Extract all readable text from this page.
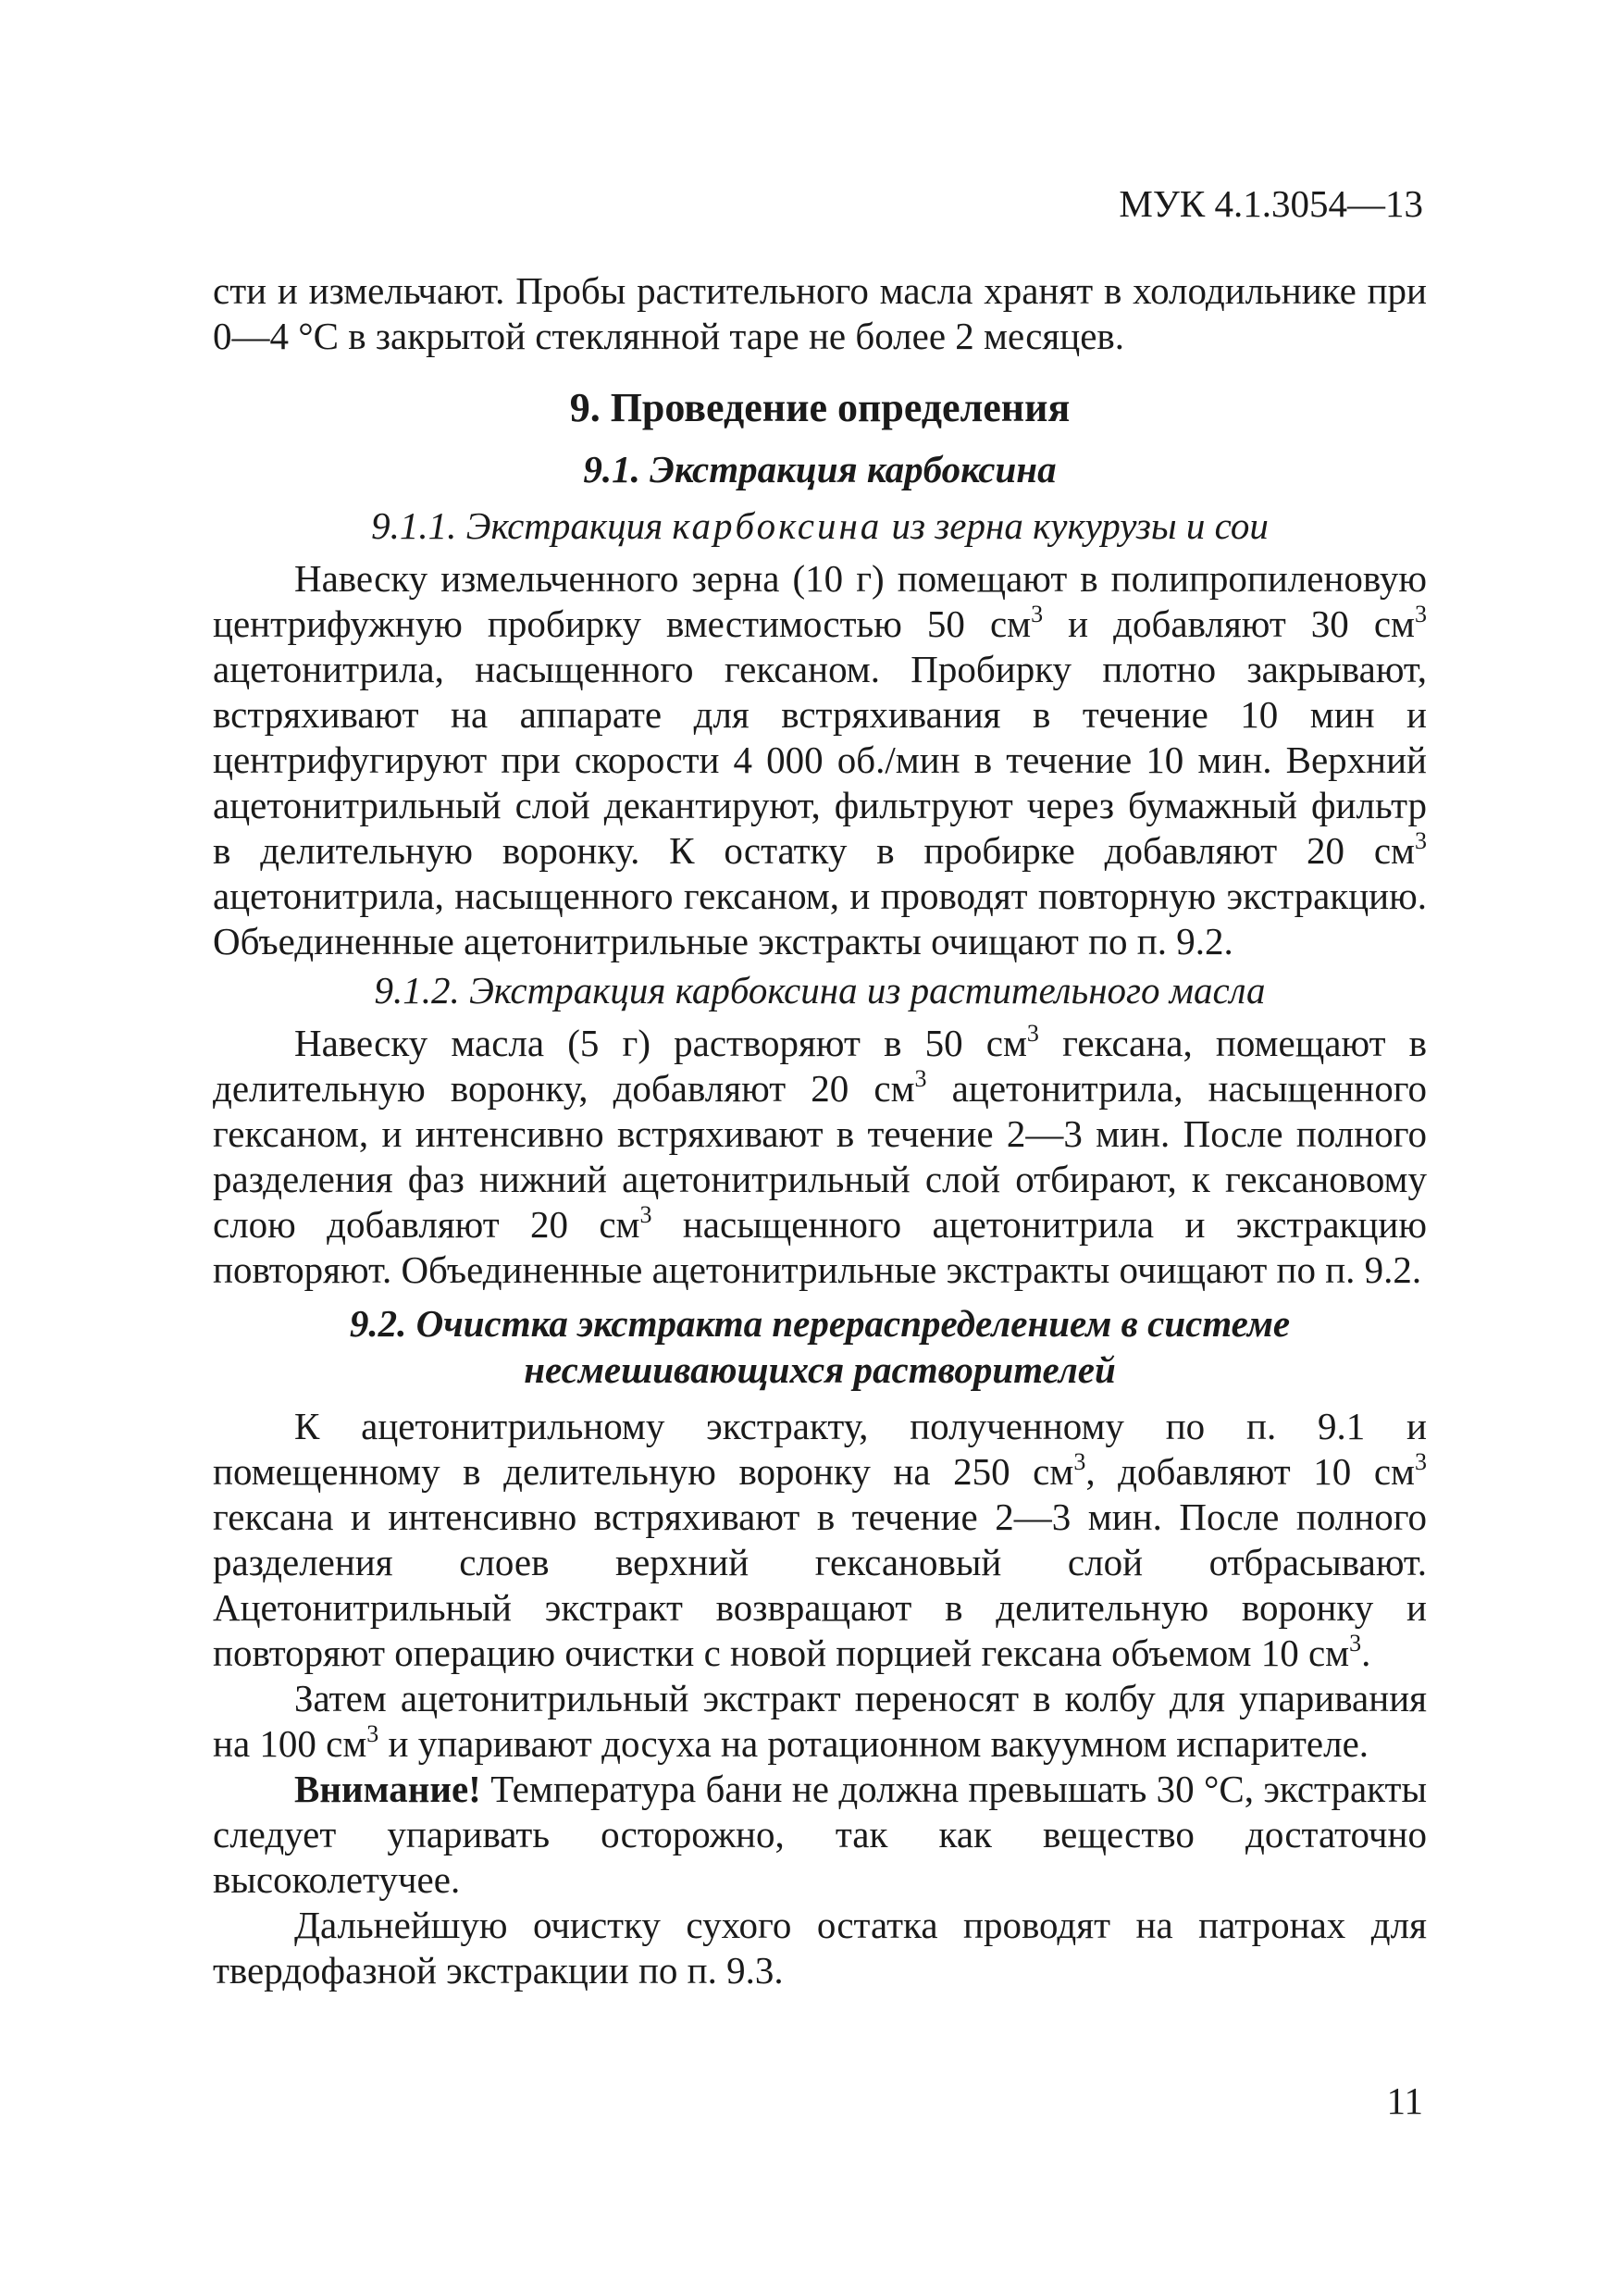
МУК 4.1.3054—13

сти и измельчают. Пробы растительного масла хранят в холодильнике при 0—4 °С в закрытой стеклянной таре не более 2 месяцев.

9. Проведение определения
9.1. Экстракция карбоксина
9.1.1. Экстракция карбоксина из зерна кукурузы и сои

Навеску измельченного зерна (10 г) помещают в полипропиленовую центрифужную пробирку вместимостью 50 $см^3$ и добавляют 30 $см^3$ ацетонитрила, насыщенного гексаном. Пробирку плотно закрывают, встряхивают на аппарате для встряхивания в течение 10 мин и центрифугируют при скорости 4 000 об./мин в течение 10 мин. Верхний ацетонитрильный слой декантируют, фильтруют через бумажный фильтр в делительную воронку. К остатку в пробирке добавляют 20 $см^3$ ацетонитрила, насыщенного гексаном, и проводят повторную экстракцию. Объединенные ацетонитрильные экстракты очищают по п. 9.2.

9.1.2. Экстракция карбоксина из растительного масла

Навеску масла (5 г) растворяют в 50 $см^3$ гексана, помещают в делительную воронку, добавляют 20 $см^3$ ацетонитрила, насыщенного гексаном, и интенсивно встряхивают в течение 2—3 мин. После полного разделения фаз нижний ацетонитрильный слой отбирают, к гексановому слою добавляют 20 $см^3$ насыщенного ацетонитрила и экстракцию повторяют. Объединенные ацетонитрильные экстракты очищают по п. 9.2.

9.2. Очистка экстракта перераспределением в системе
несмешивающихся растворителей

К ацетонитрильному экстракту, полученному по п. 9.1 и помещенному в делительную воронку на 250 $см^3$, добавляют 10 $см^3$ гексана и интенсивно встряхивают в течение 2—3 мин. После полного разделения слоев верхний гексановый слой отбрасывают. Ацетонитрильный экстракт возвращают в делительную воронку и повторяют операцию очистки с новой порцией гексана объемом 10 $см^3$.

Затем ацетонитрильный экстракт переносят в колбу для упаривания на 100 $см^3$ и упаривают досуха на ротационном вакуумном испарителе.

Внимание! Температура бани не должна превышать 30 °С, экстракты следует упаривать осторожно, так как вещество достаточно высоколетучее.

Дальнейшую очистку сухого остатка проводят на патронах для твердофазной экстракции по п. 9.3.

11
